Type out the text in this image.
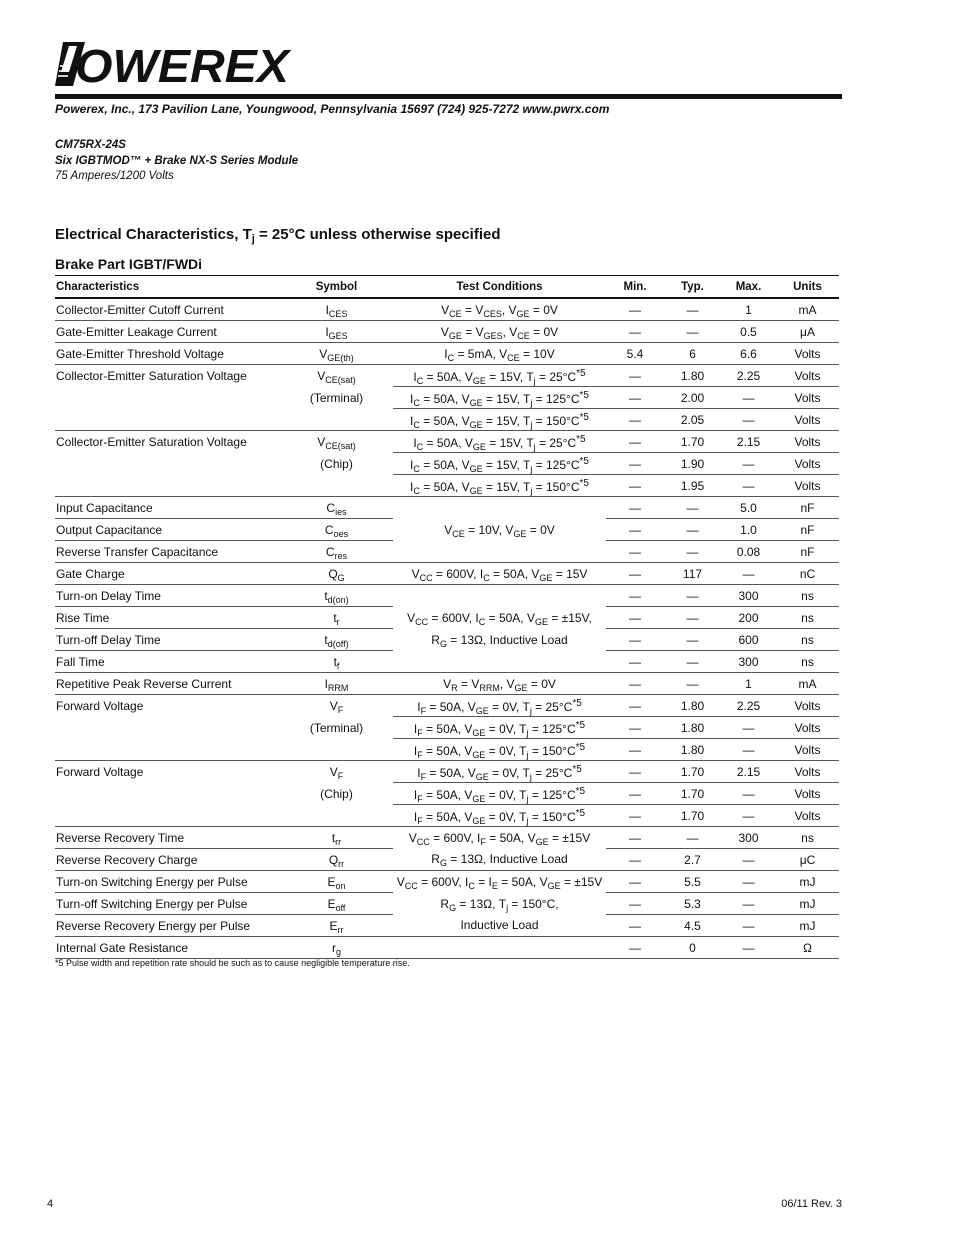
OWEREX
Powerex, Inc., 173 Pavilion Lane, Youngwood, Pennsylvania 15697 (724) 925-7272 www.pwrx.com
CM75RX-24S
Six IGBTMOD™ + Brake NX-S Series Module
75 Amperes/1200 Volts
Electrical Characteristics, $T_j = 25^\circ C$ unless otherwise specified
Brake Part IGBT/FWDi
Characteristics	Symbol	Test Conditions	Min.	Typ.	Max.	Units
Collector-Emitter Cutoff Current	$I_{CES}$	$V_{CE} = V_{CES}$, $V_{GE} = 0V$	—	—	1	mA
Gate-Emitter Leakage Current	$I_{GES}$	$V_{GE} = V_{GES}$, $V_{CE} = 0V$	—	—	0.5	μA
Gate-Emitter Threshold Voltage	$V_{GE(th)}$	$I_C = 5mA$, $V_{CE} = 10V$	5.4	6	6.6	Volts
Collector-Emitter Saturation Voltage	$V_{CE(sat)}$	$I_C = 50A$, $V_{GE} = 15V$, $T_j = 25^\circ C^{*5}$	—	1.80	2.25	Volts
	(Terminal)	$I_C = 50A$, $V_{GE} = 15V$, $T_j = 125^\circ C^{*5}$	—	2.00	—	Volts
		$I_C = 50A$, $V_{GE} = 15V$, $T_j = 150^\circ C^{*5}$	—	2.05	—	Volts
Collector-Emitter Saturation Voltage	$V_{CE(sat)}$	$I_C = 50A$, $V_{GE} = 15V$, $T_j = 25^\circ C^{*5}$	—	1.70	2.15	Volts
	(Chip)	$I_C = 50A$, $V_{GE} = 15V$, $T_j = 125^\circ C^{*5}$	—	1.90	—	Volts
		$I_C = 50A$, $V_{GE} = 15V$, $T_j = 150^\circ C^{*5}$	—	1.95	—	Volts
Input Capacitance	$C_{ies}$		—	—	5.0	nF
Output Capacitance	$C_{oes}$	$V_{CE} = 10V$, $V_{GE} = 0V$	—	—	1.0	nF
Reverse Transfer Capacitance	$C_{res}$		—	—	0.08	nF
Gate Charge	$Q_G$	$V_{CC} = 600V$, $I_C = 50A$, $V_{GE} = 15V$	—	117	—	nC
Turn-on Delay Time	$t_{d(on)}$		—	—	300	ns
Rise Time	$t_r$	$V_{CC} = 600V$, $I_C = 50A$, $V_{GE} = \pm 15V$,	—	—	200	ns
Turn-off Delay Time	$t_{d(off)}$	$R_G = 13\Omega$, Inductive Load	—	—	600	ns
Fall Time	$t_f$		—	—	300	ns
Repetitive Peak Reverse Current	$I_{RRM}$	$V_R = V_{RRM}$, $V_{GE} = 0V$	—	—	1	mA
Forward Voltage	$V_F$	$I_F = 50A$, $V_{GE} = 0V$, $T_j = 25^\circ C^{*5}$	—	1.80	2.25	Volts
	(Terminal)	$I_F = 50A$, $V_{GE} = 0V$, $T_j = 125^\circ C^{*5}$	—	1.80	—	Volts
		$I_F = 50A$, $V_{GE} = 0V$, $T_j = 150^\circ C^{*5}$	—	1.80	—	Volts
Forward Voltage	$V_F$	$I_F = 50A$, $V_{GE} = 0V$, $T_j = 25^\circ C^{*5}$	—	1.70	2.15	Volts
	(Chip)	$I_F = 50A$, $V_{GE} = 0V$, $T_j = 125^\circ C^{*5}$	—	1.70	—	Volts
		$I_F = 50A$, $V_{GE} = 0V$, $T_j = 150^\circ C^{*5}$	—	1.70	—	Volts
Reverse Recovery Time	$t_{rr}$	$V_{CC} = 600V$, $I_F = 50A$, $V_{GE} = \pm 15V$	—	—	300	ns
Reverse Recovery Charge	$Q_{rr}$	$R_G = 13\Omega$, Inductive Load	—	2.7	—	μC
Turn-on Switching Energy per Pulse	$E_{on}$	$V_{CC} = 600V$, $I_C = I_E = 50A$, $V_{GE} = \pm 15V$	—	5.5	—	mJ
Turn-off Switching Energy per Pulse	$E_{off}$	$R_G = 13\Omega$, $T_j = 150^\circ C$,	—	5.3	—	mJ
Reverse Recovery Energy per Pulse	$E_{rr}$	Inductive Load	—	4.5	—	mJ
Internal Gate Resistance	$r_g$		—	0	—	Ω
*5 Pulse width and repetition rate should be such as to cause negligible temperature rise.
4	06/11 Rev. 3
